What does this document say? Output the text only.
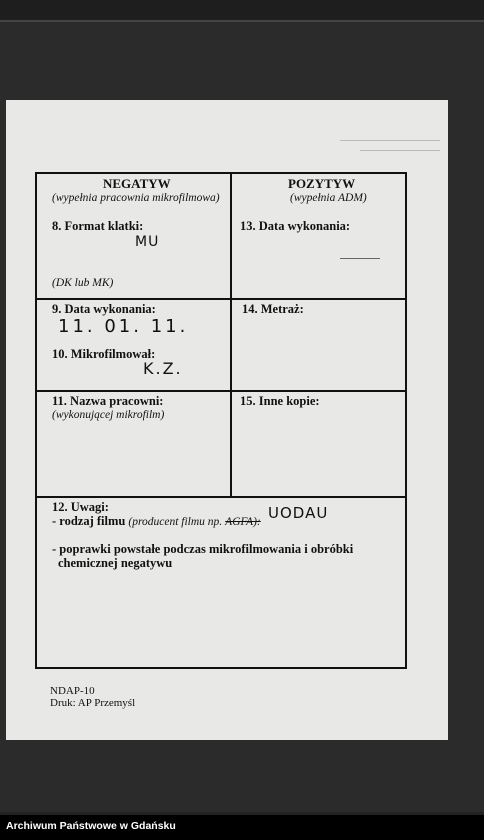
NEGATYW
(wypełnia pracownia mikrofilmowa)
POZYTYW
(wypełnia ADM)
8. Format klatki:
MU
(DK lub MK)
13. Data wykonania:
9. Data wykonania:
11. 01. 11.
10. Mikrofilmował:
K.Z.
14. Metraż:
11. Nazwa pracowni:
(wykonującej mikrofilm)
15. Inne kopie:
12. Uwagi:
- rodzaj filmu (producent filmu np. AGFA): UODAU
- poprawki powstałe podczas mikrofilmowania i obróbki
chemicznej negatywu
NDAP-10
Druk: AP Przemyśl
Archiwum Państwowe w Gdańsku
